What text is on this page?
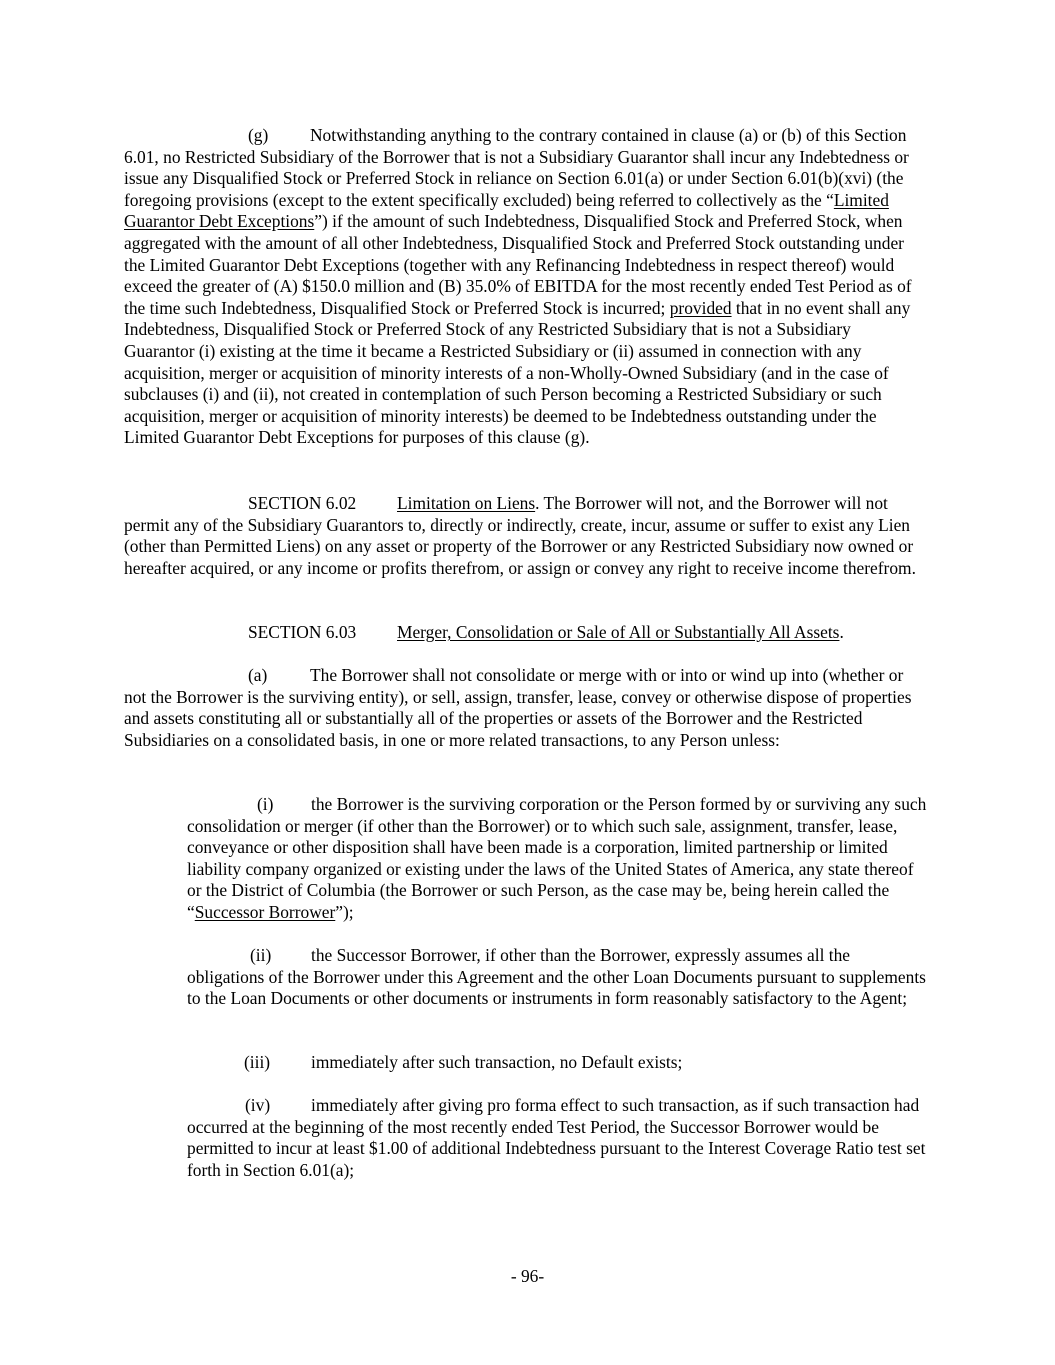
(g) Notwithstanding anything to the contrary contained in clause (a) or (b) of this Section 6.01, no Restricted Subsidiary of the Borrower that is not a Subsidiary Guarantor shall incur any Indebtedness or issue any Disqualified Stock or Preferred Stock in reliance on Section 6.01(a) or under Section 6.01(b)(xvi) (the foregoing provisions (except to the extent specifically excluded) being referred to collectively as the “Limited Guarantor Debt Exceptions”) if the amount of such Indebtedness, Disqualified Stock and Preferred Stock, when aggregated with the amount of all other Indebtedness, Disqualified Stock and Preferred Stock outstanding under the Limited Guarantor Debt Exceptions (together with any Refinancing Indebtedness in respect thereof) would exceed the greater of (A) $150.0 million and (B) 35.0% of EBITDA for the most recently ended Test Period as of the time such Indebtedness, Disqualified Stock or Preferred Stock is incurred; provided that in no event shall any Indebtedness, Disqualified Stock or Preferred Stock of any Restricted Subsidiary that is not a Subsidiary Guarantor (i) existing at the time it became a Restricted Subsidiary or (ii) assumed in connection with any acquisition, merger or acquisition of minority interests of a non-Wholly-Owned Subsidiary (and in the case of subclauses (i) and (ii), not created in contemplation of such Person becoming a Restricted Subsidiary or such acquisition, merger or acquisition of minority interests) be deemed to be Indebtedness outstanding under the Limited Guarantor Debt Exceptions for purposes of this clause (g).

SECTION 6.02 Limitation on Liens. The Borrower will not, and the Borrower will not permit any of the Subsidiary Guarantors to, directly or indirectly, create, incur, assume or suffer to exist any Lien (other than Permitted Liens) on any asset or property of the Borrower or any Restricted Subsidiary now owned or hereafter acquired, or any income or profits therefrom, or assign or convey any right to receive income therefrom.

SECTION 6.03 Merger, Consolidation or Sale of All or Substantially All Assets.

(a) The Borrower shall not consolidate or merge with or into or wind up into (whether or not the Borrower is the surviving entity), or sell, assign, transfer, lease, convey or otherwise dispose of properties and assets constituting all or substantially all of the properties or assets of the Borrower and the Restricted Subsidiaries on a consolidated basis, in one or more related transactions, to any Person unless:

(i) the Borrower is the surviving corporation or the Person formed by or surviving any such consolidation or merger (if other than the Borrower) or to which such sale, assignment, transfer, lease, conveyance or other disposition shall have been made is a corporation, limited partnership or limited liability company organized or existing under the laws of the United States of America, any state thereof or the District of Columbia (the Borrower or such Person, as the case may be, being herein called the “Successor Borrower”);

(ii) the Successor Borrower, if other than the Borrower, expressly assumes all the obligations of the Borrower under this Agreement and the other Loan Documents pursuant to supplements to the Loan Documents or other documents or instruments in form reasonably satisfactory to the Agent;

(iii) immediately after such transaction, no Default exists;

(iv) immediately after giving pro forma effect to such transaction, as if such transaction had occurred at the beginning of the most recently ended Test Period, the Successor Borrower would be permitted to incur at least $1.00 of additional Indebtedness pursuant to the Interest Coverage Ratio test set forth in Section 6.01(a);

- 96-
